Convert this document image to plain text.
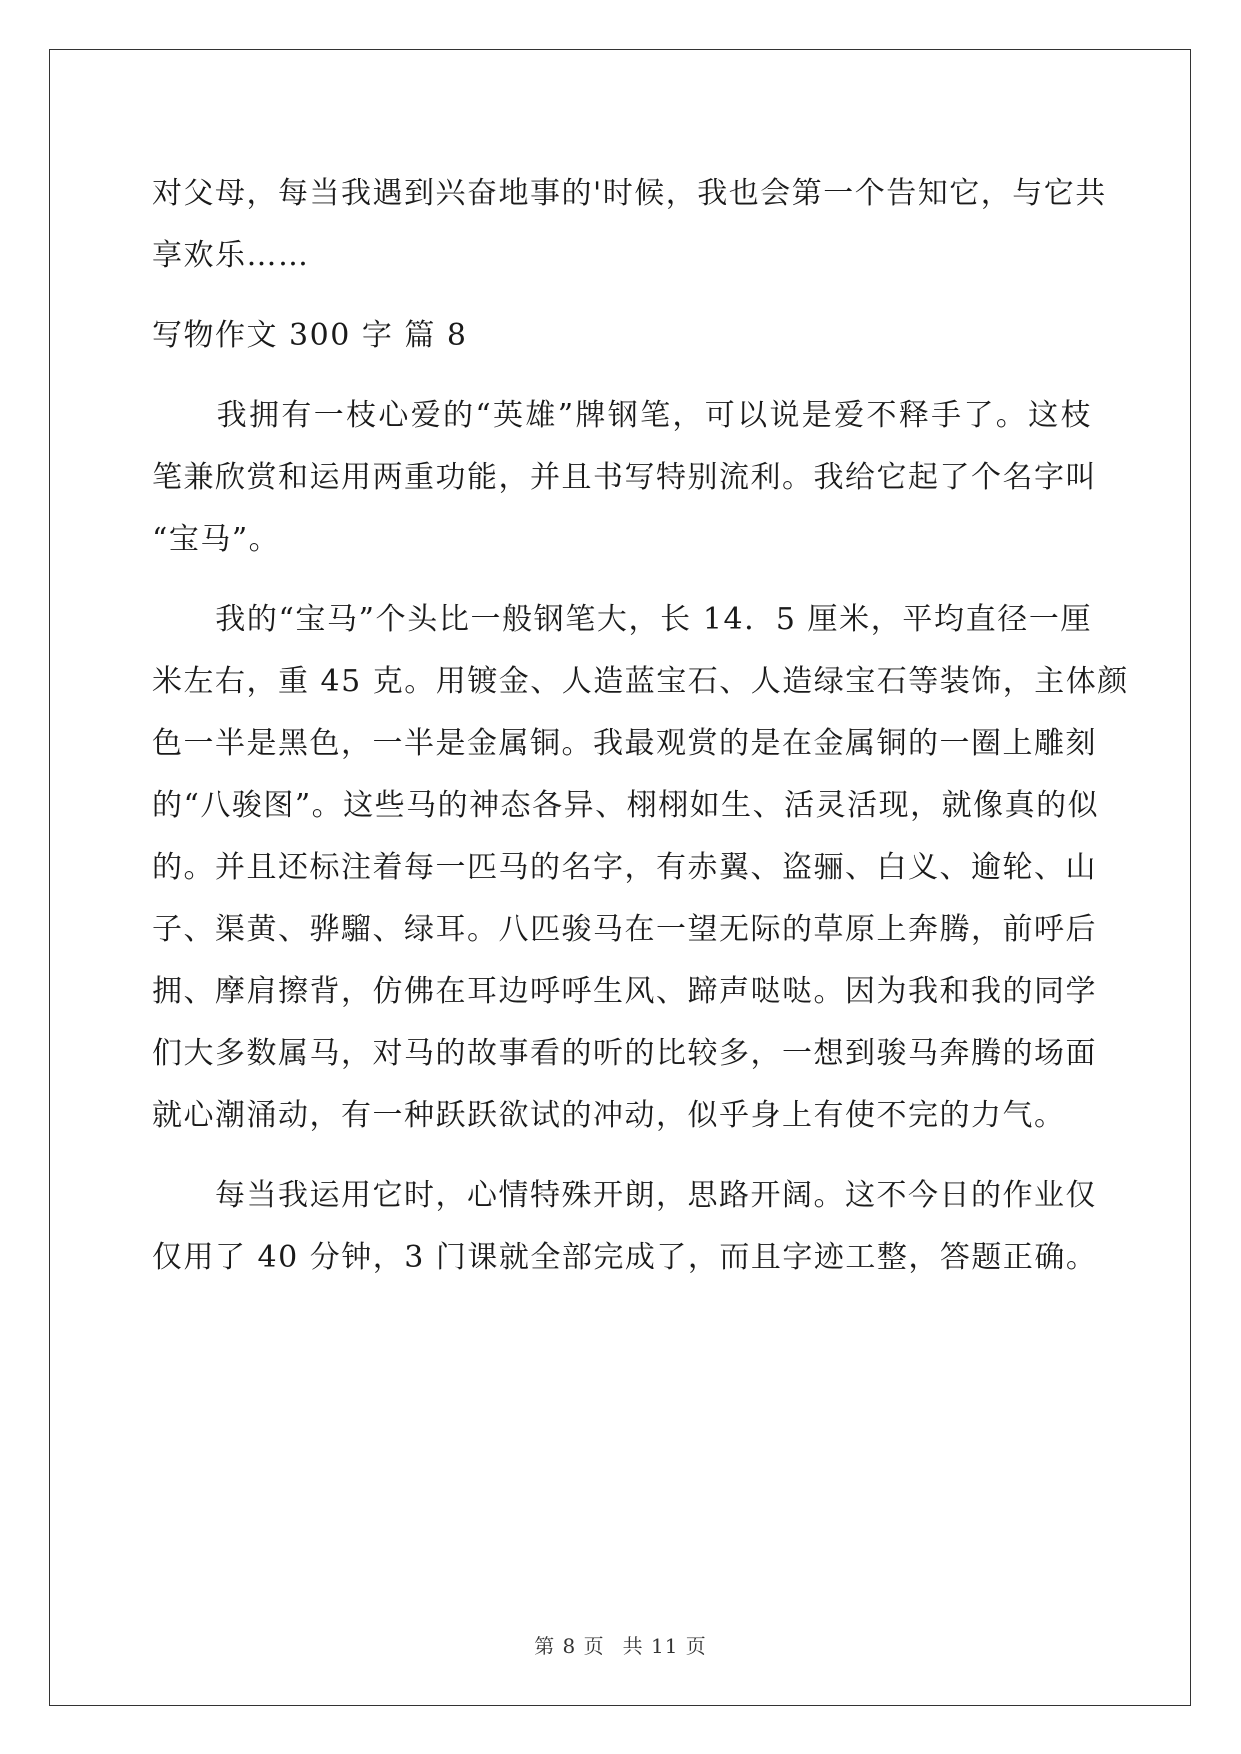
对父母，每当我遇到兴奋地事的'时候，我也会第一个告知它，与它共
享欢乐……
写物作文 300 字 篇 8
　　我拥有一枝心爱的“英雄”牌钢笔，可以说是爱不释手了。这枝
笔兼欣赏和运用两重功能，并且书写特别流利。我给它起了个名字叫
“宝马”。
　　我的“宝马”个头比一般钢笔大，长 14．5 厘米，平均直径一厘
米左右，重 45 克。用镀金、人造蓝宝石、人造绿宝石等装饰，主体颜
色一半是黑色，一半是金属铜。我最观赏的是在金属铜的一圈上雕刻
的“八骏图”。这些马的神态各异、栩栩如生、活灵活现，就像真的似
的。并且还标注着每一匹马的名字，有赤翼、盗骊、白义、逾轮、山
子、渠黄、骅騮、绿耳。八匹骏马在一望无际的草原上奔腾，前呼后
拥、摩肩擦背，仿佛在耳边呼呼生风、蹄声哒哒。因为我和我的同学
们大多数属马，对马的故事看的听的比较多，一想到骏马奔腾的场面
就心潮涌动，有一种跃跃欲试的冲动，似乎身上有使不完的力气。
　　每当我运用它时，心情特殊开朗，思路开阔。这不今日的作业仅
仅用了 40 分钟，3 门课就全部完成了，而且字迹工整，答题正确。
第 8 页 共 11 页
